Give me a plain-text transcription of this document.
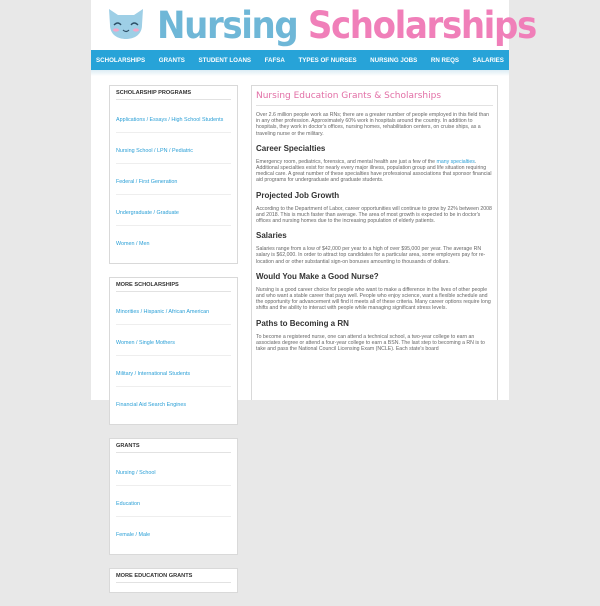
Nursing Scholarships
SCHOLARSHIPS GRANTS STUDENT LOANS FAFSA TYPES OF NURSES NURSING JOBS RN REQS SALARIES
SCHOLARSHIP PROGRAMS
Applications / Essays / High School Students
Nursing School / LPN / Pediatric
Federal / First Generation
Undergraduate / Graduate
Women / Men
MORE SCHOLARSHIPS
Minorities / Hispanic / African American
Women / Single Mothers
Military / International Students
Financial Aid Search Engines
GRANTS
Nursing / School
Education
Female / Male
MORE EDUCATION GRANTS
Nursing Education Grants & Scholarships

Over 2.6 million people work as RNs; there are a greater number of people employed in this field than in any other profession. Approximately 60% work in hospitals around the country. In addition to hospitals, they work in doctor's offices, nursing homes, rehabilitation centers, on cruise ships, as a traveling nurse or the military.

Career Specialties

Emergency room, pediatrics, forensics, and mental health are just a few of the many specialties. Additional specialties exist for nearly every major illness, population group and life situation requiring medical care. A great number of these specialties have professional associations that sponsor financial aid programs for undergraduate and graduate students.

Projected Job Growth

According to the Department of Labor, career opportunities will continue to grow by 22% between 2008 and 2018. This is much faster than average. The area of most growth is expected to be in doctor's offices and nursing homes due to the increasing population of elderly patients.

Salaries

Salaries range from a low of $42,000 per year to a high of over $95,000 per year. The average RN salary is $62,000. In order to attract top candidates for a particular area, some employers pay for re-location and or other substantial sign-on bonuses amounting to thousands of dollars.

Would You Make a Good Nurse?

Nursing is a good career choice for people who want to make a difference in the lives of other people and who want a stable career that pays well. People who enjoy science, want a flexible schedule and the opportunity for advancement will find it meets all of these criteria. Many career options require long shifts and the ability to interact with people while managing significant stress levels.

Paths to Becoming a RN

To become a registered nurse, one can attend a technical school, a two-year college to earn an associates degree or attend a four-year college to earn a BSN. The last step to becoming a RN is to take and pass the National Council Licensing Exam (NCLE). Each state's board
